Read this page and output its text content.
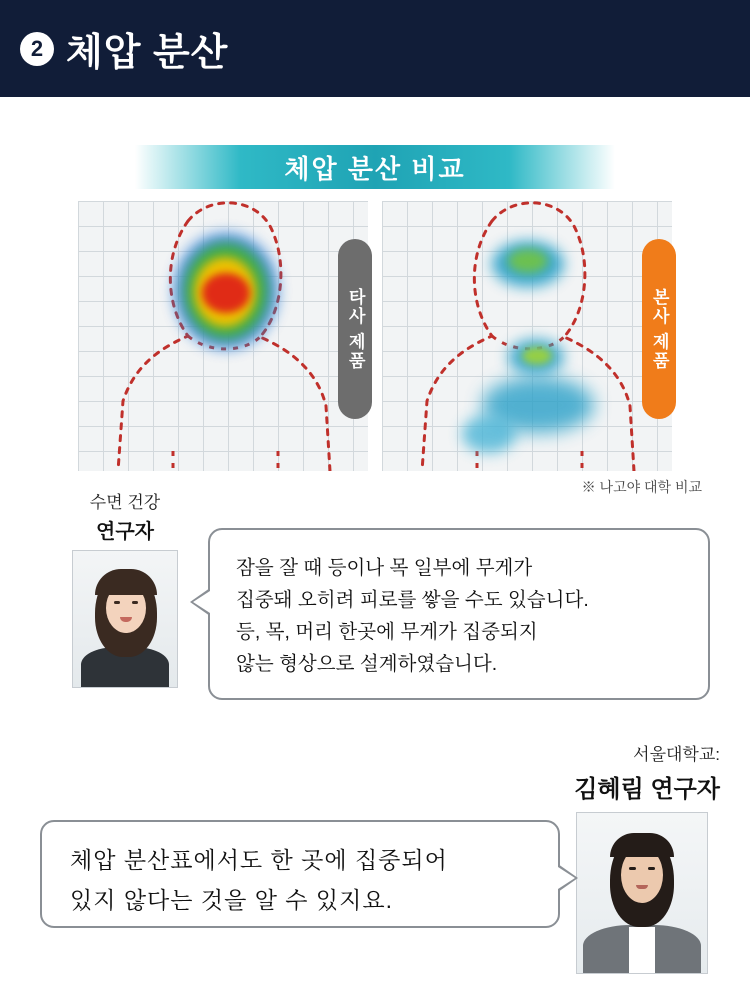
2 체압 분산
체압 분산 비교
타사 제품	본사 제품
※ 나고야 대학 비교
수면 건강
연구자

잠을 잘 때 등이나 목 일부에 무게가

집중돼 오히려 피로를 쌓을 수도 있습니다.

등, 목, 머리 한곳에 무게가 집중되지

않는 형상으로 설계하였습니다.

서울대학교:
김혜림 연구자

체압 분산표에서도 한 곳에 집중되어

있지 않다는 것을 알 수 있지요.
